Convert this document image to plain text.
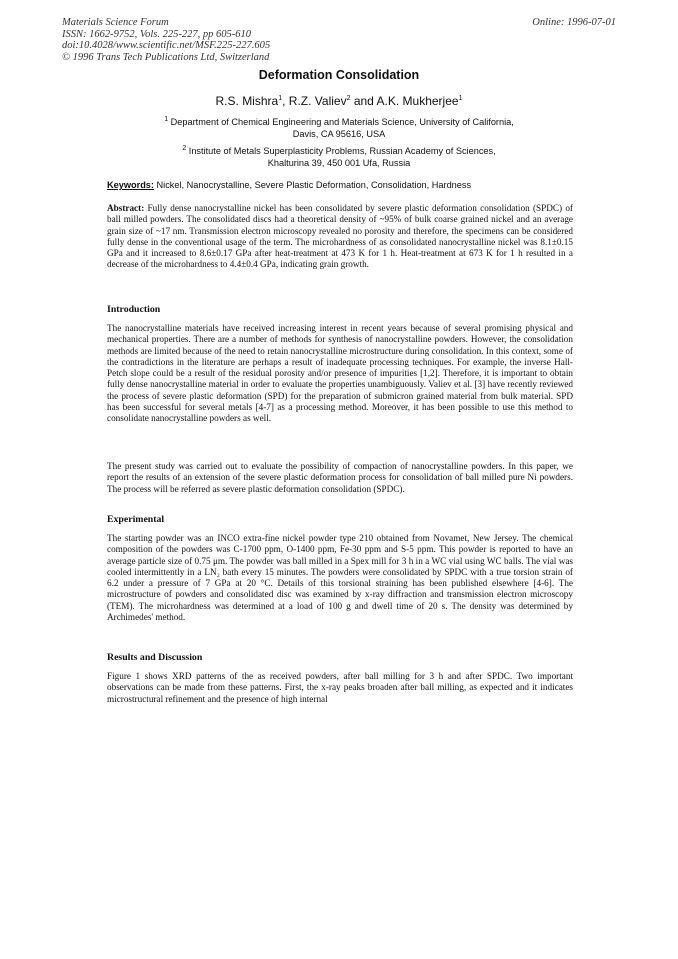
Materials Science Forum
ISSN: 1662-9752, Vols. 225-227, pp 605-610
doi:10.4028/www.scientific.net/MSF.225-227.605
© 1996 Trans Tech Publications Ltd, Switzerland
Online: 1996-07-01
Deformation Consolidation
R.S. Mishra$^1$, R.Z. Valiev$^2$ and A.K. Mukherjee$^1$
$^1$ Department of Chemical Engineering and Materials Science, University of California,
Davis, CA 95616, USA
$^2$ Institute of Metals Superplasticity Problems, Russian Academy of Sciences,
Khalturina 39, 450 001 Ufa, Russia
Keywords: Nickel, Nanocrystalline, Severe Plastic Deformation, Consolidation, Hardness
Abstract: Fully dense nanocrystalline nickel has been consolidated by severe plastic deformation consolidation (SPDC) of ball milled powders. The consolidated discs had a theoretical density of ~95% of bulk coarse grained nickel and an average grain size of ~17 nm. Transmission electron microscopy revealed no porosity and therefore, the specimens can be considered fully dense in the conventional usage of the term. The microhardness of as consolidated nanocrystalline nickel was 8.1±0.15 GPa and it increased to 8.6±0.17 GPa after heat-treatment at 473 K for 1 h. Heat-treatment at 673 K for 1 h resulted in a decrease of the microhardness to 4.4±0.4 GPa, indicating grain growth.
Introduction
The nanocrystalline materials have received increasing interest in recent years because of several promising physical and mechanical properties. There are a number of methods for synthesis of nanocrystalline powders. However, the consolidation methods are limited because of the need to retain nanocrystalline microstructure during consolidation. In this context, some of the contradictions in the literature are perhaps a result of inadequate processing techniques. For example, the inverse Hall-Petch slope could be a result of the residual porosity and/or presence of impurities [1,2]. Therefore, it is important to obtain fully dense nanocrystalline material in order to evaluate the properties unambiguously. Valiev et al. [3] have recently reviewed the process of severe plastic deformation (SPD) for the preparation of submicron grained material from bulk material. SPD has been successful for several metals [4-7] as a processing method. Moreover, it has been possible to use this method to consolidate nanocrystalline powders as well.
The present study was carried out to evaluate the possibility of compaction of nanocrystalline powders. In this paper, we report the results of an extension of the severe plastic deformation process for consolidation of ball milled pure Ni powders. The process will be referred as severe plastic deformation consolidation (SPDC).
Experimental
The starting powder was an INCO extra-fine nickel powder type 210 obtained from Novamet, New Jersey. The chemical composition of the powders was C-1700 ppm, O-1400 ppm, Fe-30 ppm and S-5 ppm. This powder is reported to have an average particle size of 0.75 μm. The powder was ball milled in a Spex mill for 3 h in a WC vial using WC balls. The vial was cooled intermittently in a LN₂ bath every 15 minutes. The powders were consolidated by SPDC with a true torsion strain of 6.2 under a pressure of 7 GPa at 20 °C. Details of this torsional straining has been published elsewhere [4-6]. The microstructure of powders and consolidated disc was examined by x-ray diffraction and transmission electron microscopy (TEM). The microhardness was determined at a load of 100 g and dwell time of 20 s. The density was determined by Archimedes' method.
Results and Discussion
Figure 1 shows XRD patterns of the as received powders, after ball milling for 3 h and after SPDC. Two important observations can be made from these patterns. First, the x-ray peaks broaden after ball milling, as expected and it indicates microstructural refinement and the presence of high internal
